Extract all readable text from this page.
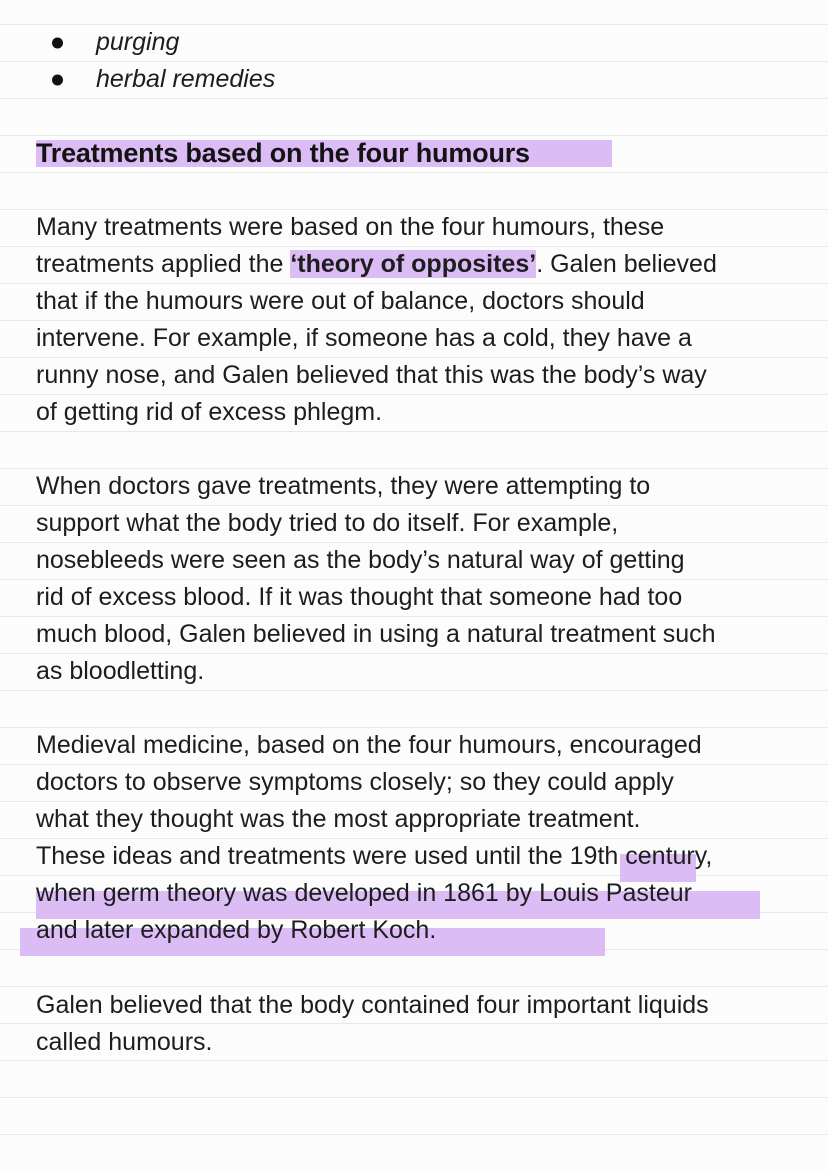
purging
herbal remedies
Treatments based on the four humours

Many treatments were based on the four humours, these
treatments applied the ‘theory of opposites’. Galen believed
that if the humours were out of balance, doctors should
intervene. For example, if someone has a cold, they have a
runny nose, and Galen believed that this was the body’s way
of getting rid of excess phlegm.

When doctors gave treatments, they were attempting to
support what the body tried to do itself. For example,
nosebleeds were seen as the body’s natural way of getting
rid of excess blood. If it was thought that someone had too
much blood, Galen believed in using a natural treatment such
as bloodletting.

Medieval medicine, based on the four humours, encouraged
doctors to observe symptoms closely; so they could apply
what they thought was the most appropriate treatment.
These ideas and treatments were used until the 19th century,
when germ theory was developed in 1861 by Louis Pasteur
and later expanded by Robert Koch.

Galen believed that the body contained four important liquids
called humours.
